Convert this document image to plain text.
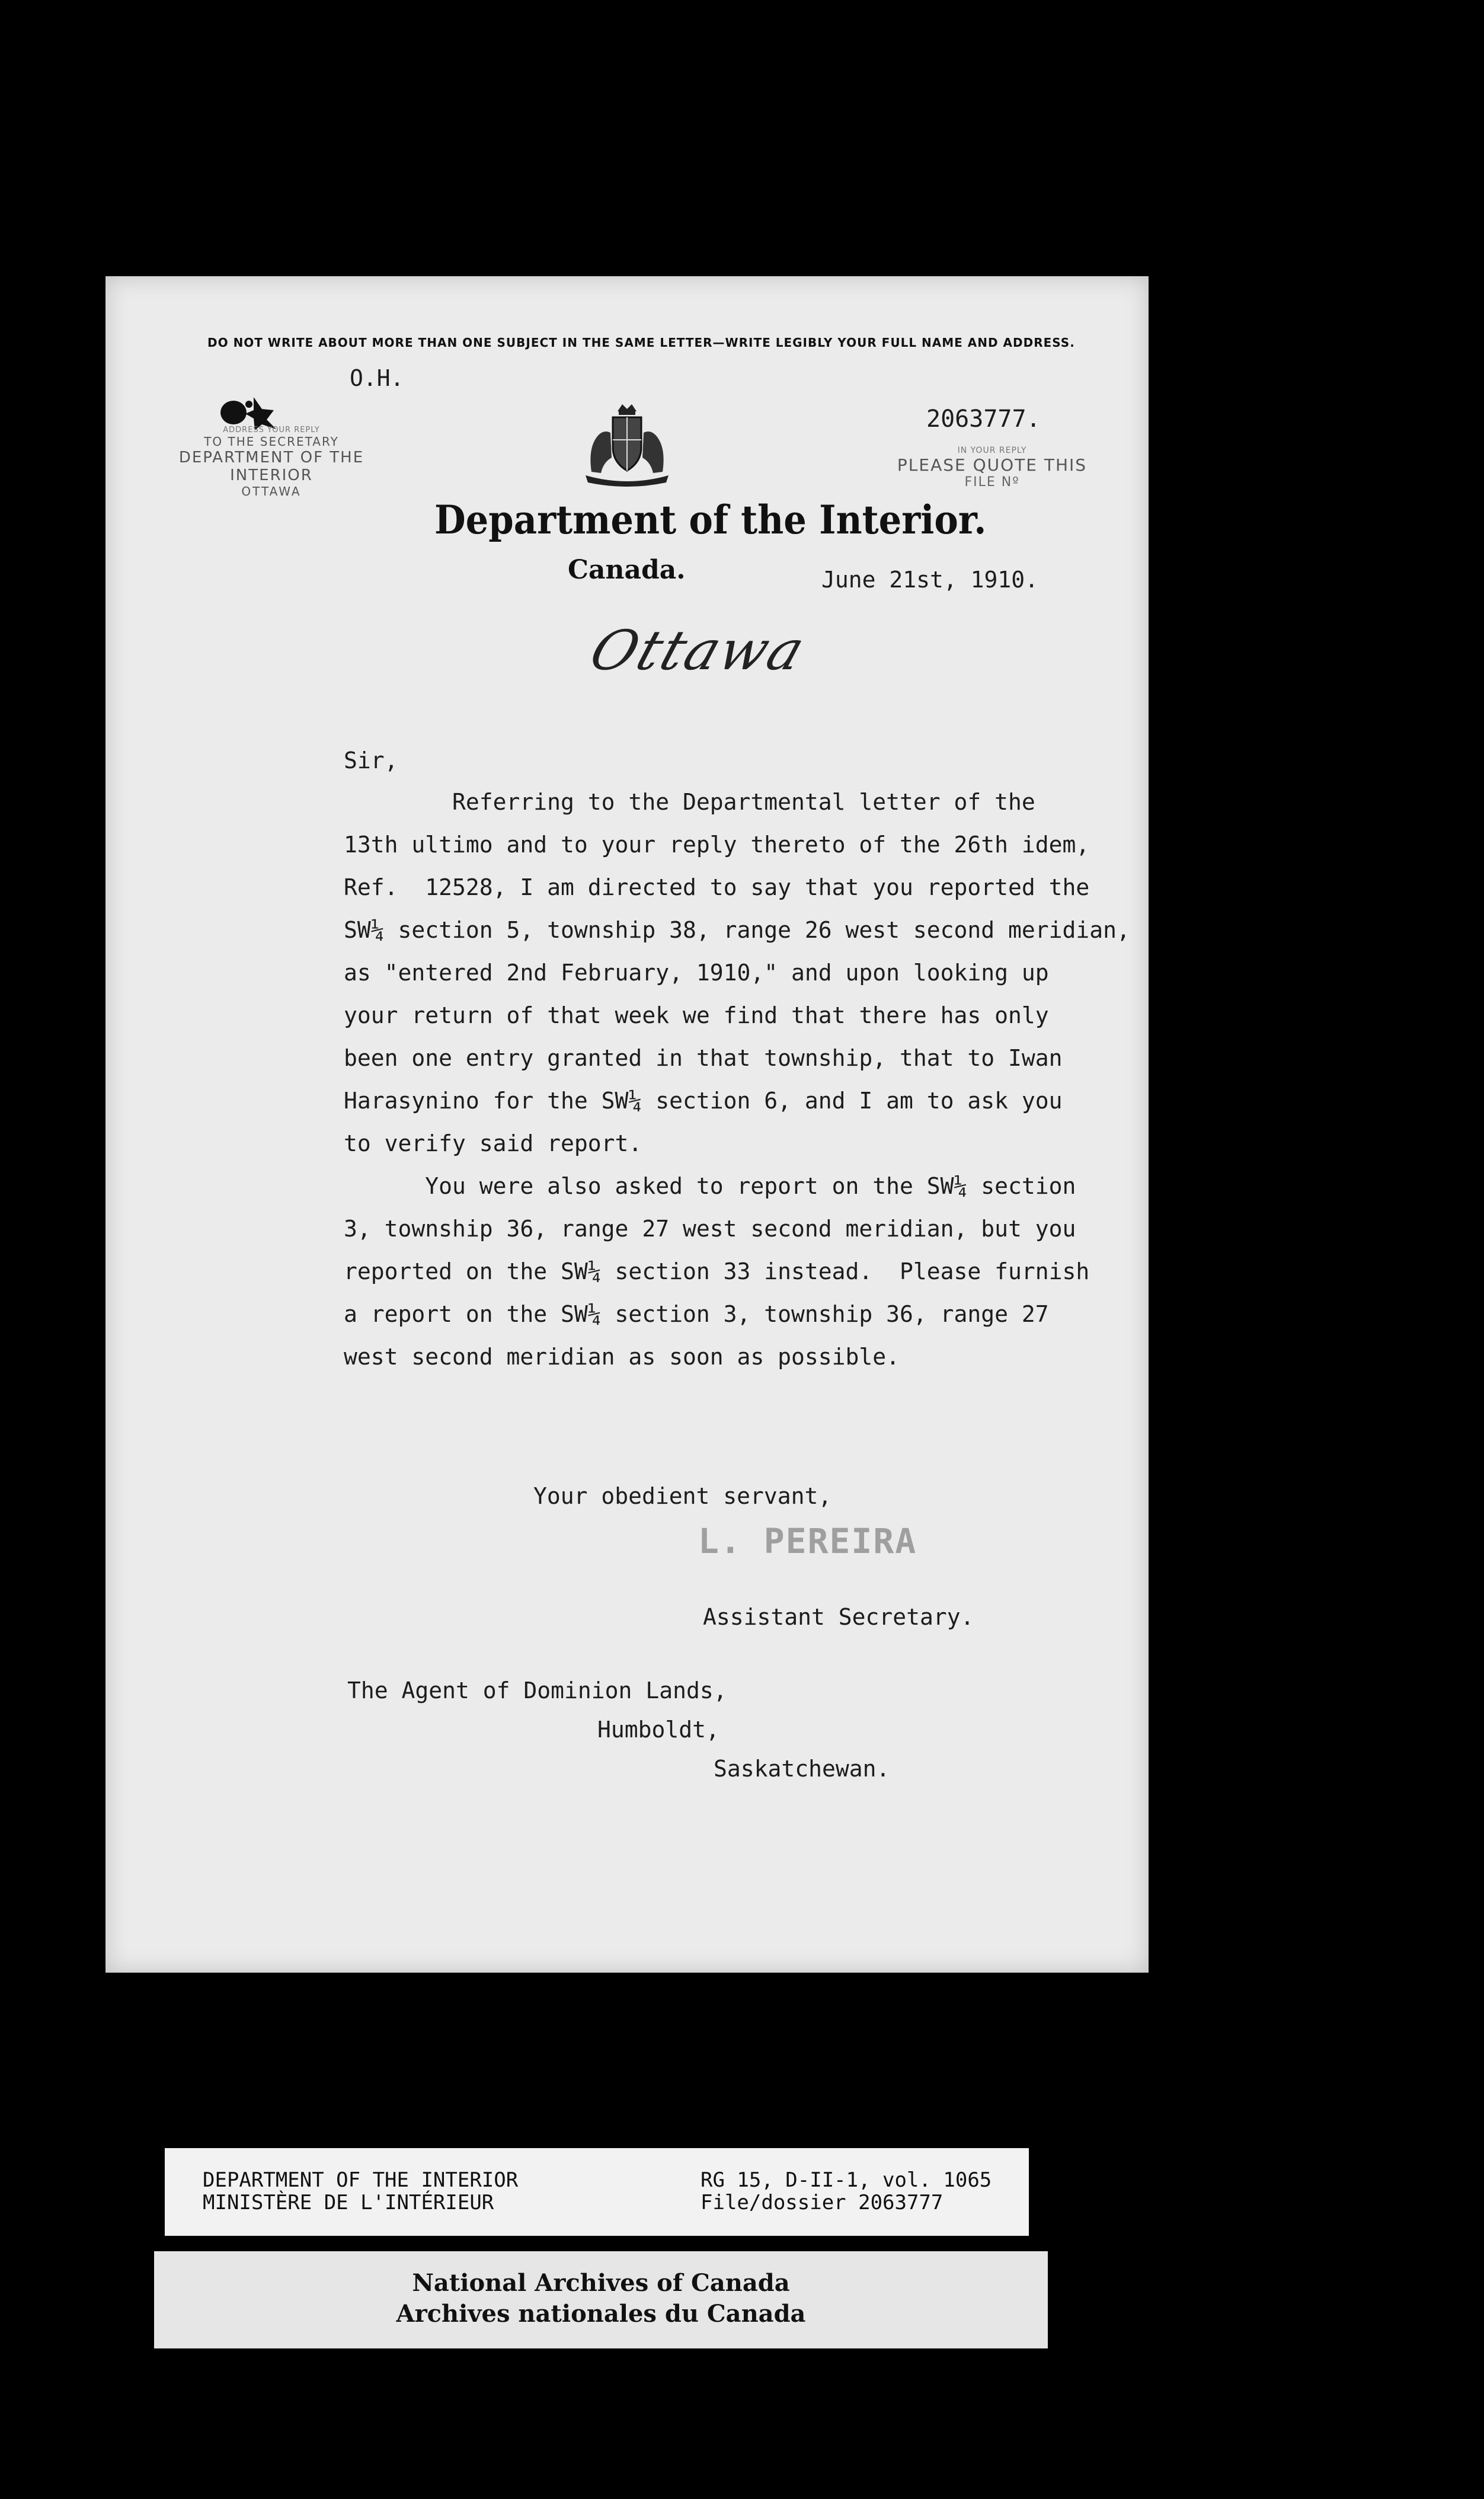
DO NOT WRITE ABOUT MORE THAN ONE SUBJECT IN THE SAME LETTER—WRITE LEGIBLY YOUR FULL NAME AND ADDRESS.
O.H.
ADDRESS YOUR REPLY
TO THE SECRETARY
DEPARTMENT OF THE INTERIOR
OTTAWA
2063777.
IN YOUR REPLY
PLEASE QUOTE THIS
FILE Nº
Department of the Interior.
Canada.	June 21st, 1910.
Ottawa
Sir,
Referring to the Departmental letter of the
13th ultimo and to your reply thereto of the 26th idem,
Ref.  12528, I am directed to say that you reported the
SW¼ section 5, township 38, range 26 west second meridian,
as "entered 2nd February, 1910," and upon looking up
your return of that week we find that there has only
been one entry granted in that township, that to Iwan
Harasynino for the SW¼ section 6, and I am to ask you
to verify said report.
You were also asked to report on the SW¼ section
3, township 36, range 27 west second meridian, but you
reported on the SW¼ section 33 instead.  Please furnish
a report on the SW¼ section 3, township 36, range 27
west second meridian as soon as possible.
Your obedient servant,
L. PEREIRA
Assistant Secretary.
The Agent of Dominion Lands,
Humboldt,
Saskatchewan.
DEPARTMENT OF THE INTERIOR
MINISTÈRE DE L'INTÉRIEUR
RG 15, D-II-1, vol. 1065
File/dossier 2063777
National Archives of Canada
Archives nationales du Canada
